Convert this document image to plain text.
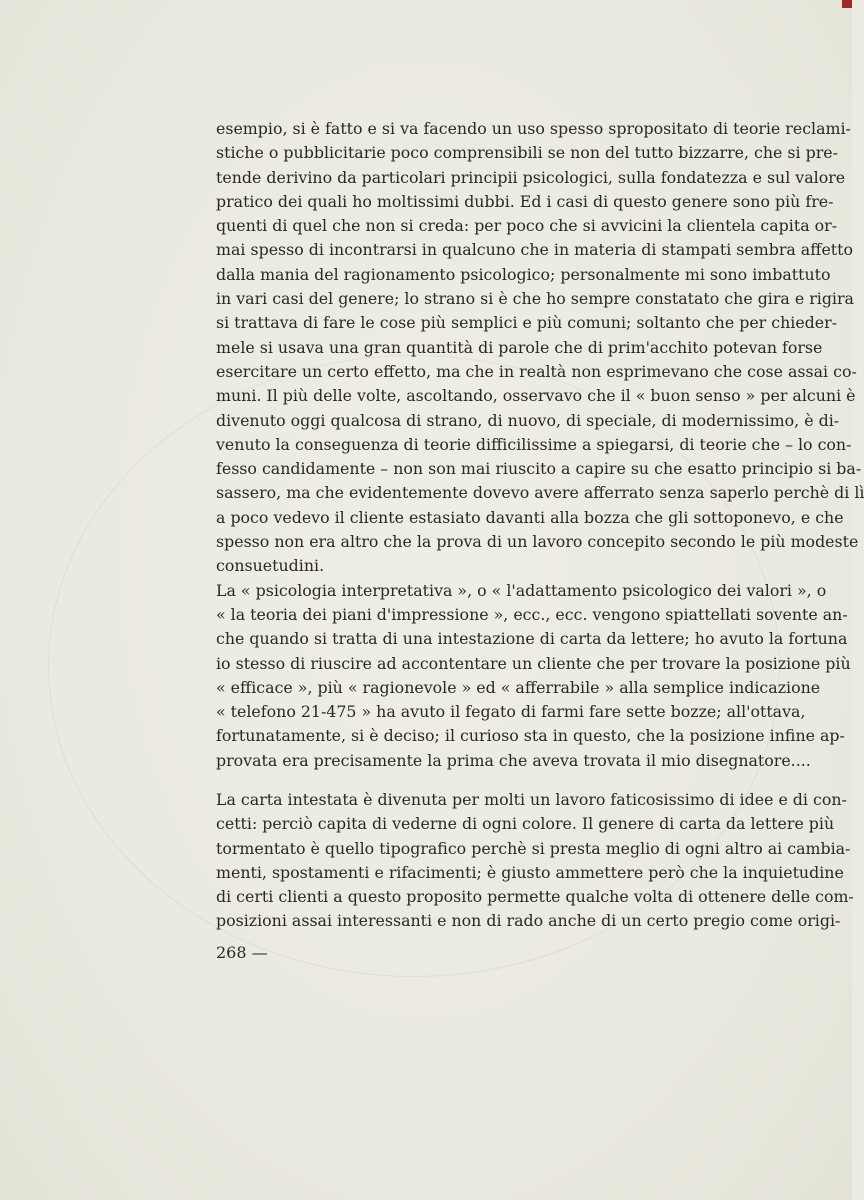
esempio, si è fatto e si va facendo un uso spesso spropositato di teorie reclami-
stiche o pubblicitarie poco comprensibili se non del tutto bizzarre, che si pre-
tende derivino da particolari principii psicologici, sulla fondatezza e sul valore
pratico dei quali ho moltissimi dubbi. Ed i casi di questo genere sono più fre-
quenti di quel che non si creda: per poco che si avvicini la clientela capita or-
mai spesso di incontrarsi in qualcuno che in materia di stampati sembra affetto
dalla mania del ragionamento psicologico; personalmente mi sono imbattuto
in vari casi del genere; lo strano si è che ho sempre constatato che gira e rigira
si trattava di fare le cose più semplici e più comuni; soltanto che per chieder-
mele si usava una gran quantità di parole che di prim'acchito potevan forse
esercitare un certo effetto, ma che in realtà non esprimevano che cose assai co-
muni. Il più delle volte, ascoltando, osservavo che il « buon senso » per alcuni è
divenuto oggi qualcosa di strano, di nuovo, di speciale, di modernissimo, è di-
venuto la conseguenza di teorie difficilissime a spiegarsi, di teorie che – lo con-
fesso candidamente – non son mai riuscito a capire su che esatto principio si ba-
sassero, ma che evidentemente dovevo avere afferrato senza saperlo perchè di lì
a poco vedevo il cliente estasiato davanti alla bozza che gli sottoponevo, e che
spesso non era altro che la prova di un lavoro concepito secondo le più modeste
consuetudini.
La « psicologia interpretativa », o « l'adattamento psicologico dei valori », o
« la teoria dei piani d'impressione », ecc., ecc. vengono spiattellati sovente an-
che quando si tratta di una intestazione di carta da lettere; ho avuto la fortuna
io stesso di riuscire ad accontentare un cliente che per trovare la posizione più
« efficace », più « ragionevole » ed « afferrabile » alla semplice indicazione
« telefono 21-475 » ha avuto il fegato di farmi fare sette bozze; all'ottava,
fortunatamente, si è deciso; il curioso sta in questo, che la posizione infine ap-
provata era precisamente la prima che aveva trovata il mio disegnatore....
La carta intestata è divenuta per molti un lavoro faticosissimo di idee e di con-
cetti: perciò capita di vederne di ogni colore. Il genere di carta da lettere più
tormentato è quello tipografico perchè si presta meglio di ogni altro ai cambia-
menti, spostamenti e rifacimenti; è giusto ammettere però che la inquietudine
di certi clienti a questo proposito permette qualche volta di ottenere delle com-
posizioni assai interessanti e non di rado anche di un certo pregio come origi-
268 —
